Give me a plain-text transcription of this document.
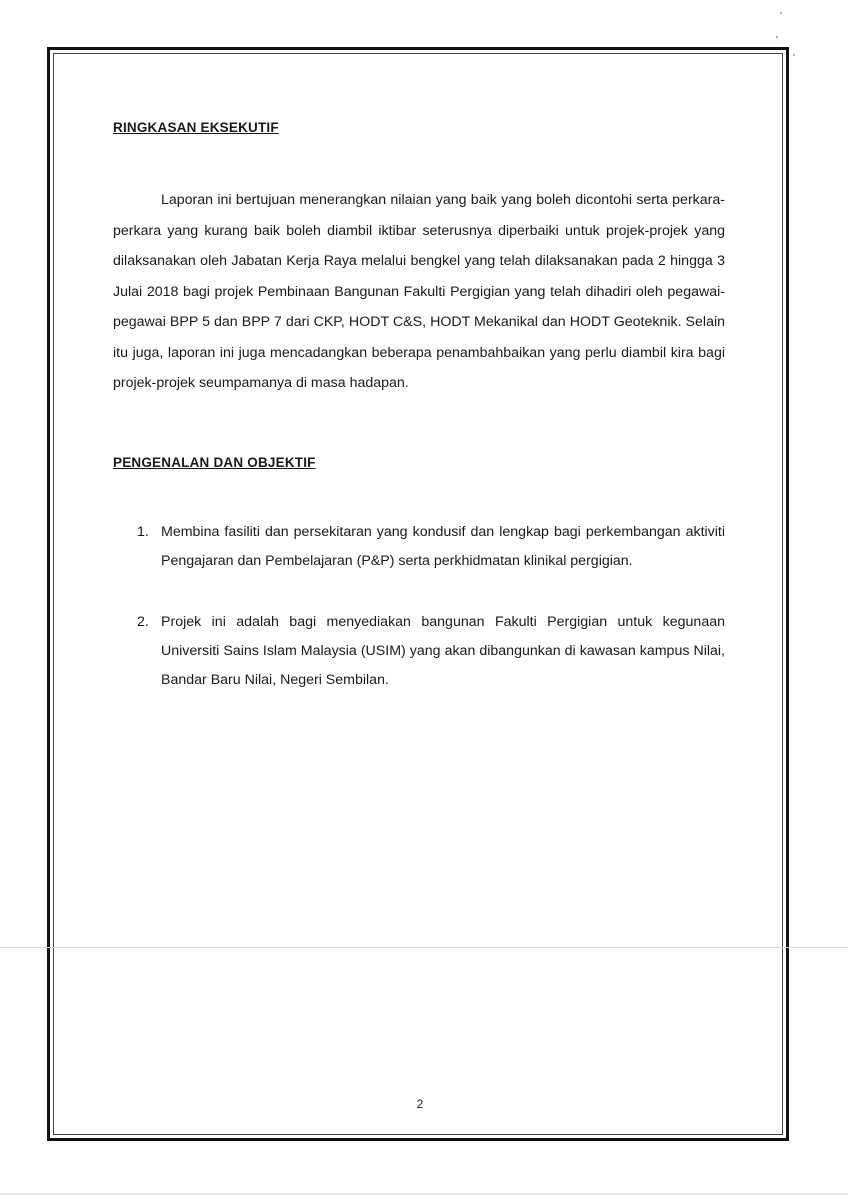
RINGKASAN EKSEKUTIF
Laporan ini bertujuan menerangkan nilaian yang baik yang boleh dicontohi serta perkara-perkara yang kurang baik boleh diambil iktibar seterusnya diperbaiki untuk projek-projek yang dilaksanakan oleh Jabatan Kerja Raya melalui bengkel yang telah dilaksanakan pada 2 hingga 3 Julai 2018 bagi projek Pembinaan Bangunan Fakulti Pergigian yang telah dihadiri oleh pegawai-pegawai BPP 5 dan BPP 7 dari CKP, HODT C&S, HODT Mekanikal dan HODT Geoteknik. Selain itu juga, laporan ini juga mencadangkan beberapa penambahbaikan yang perlu diambil kira bagi projek-projek seumpamanya di masa hadapan.
PENGENALAN DAN OBJEKTIF
1. Membina fasiliti dan persekitaran yang kondusif dan lengkap bagi perkembangan aktiviti Pengajaran dan Pembelajaran (P&P) serta perkhidmatan klinikal pergigian.
2. Projek ini adalah bagi menyediakan bangunan Fakulti Pergigian untuk kegunaan Universiti Sains Islam Malaysia (USIM) yang akan dibangunkan di kawasan kampus Nilai, Bandar Baru Nilai, Negeri Sembilan.
2
